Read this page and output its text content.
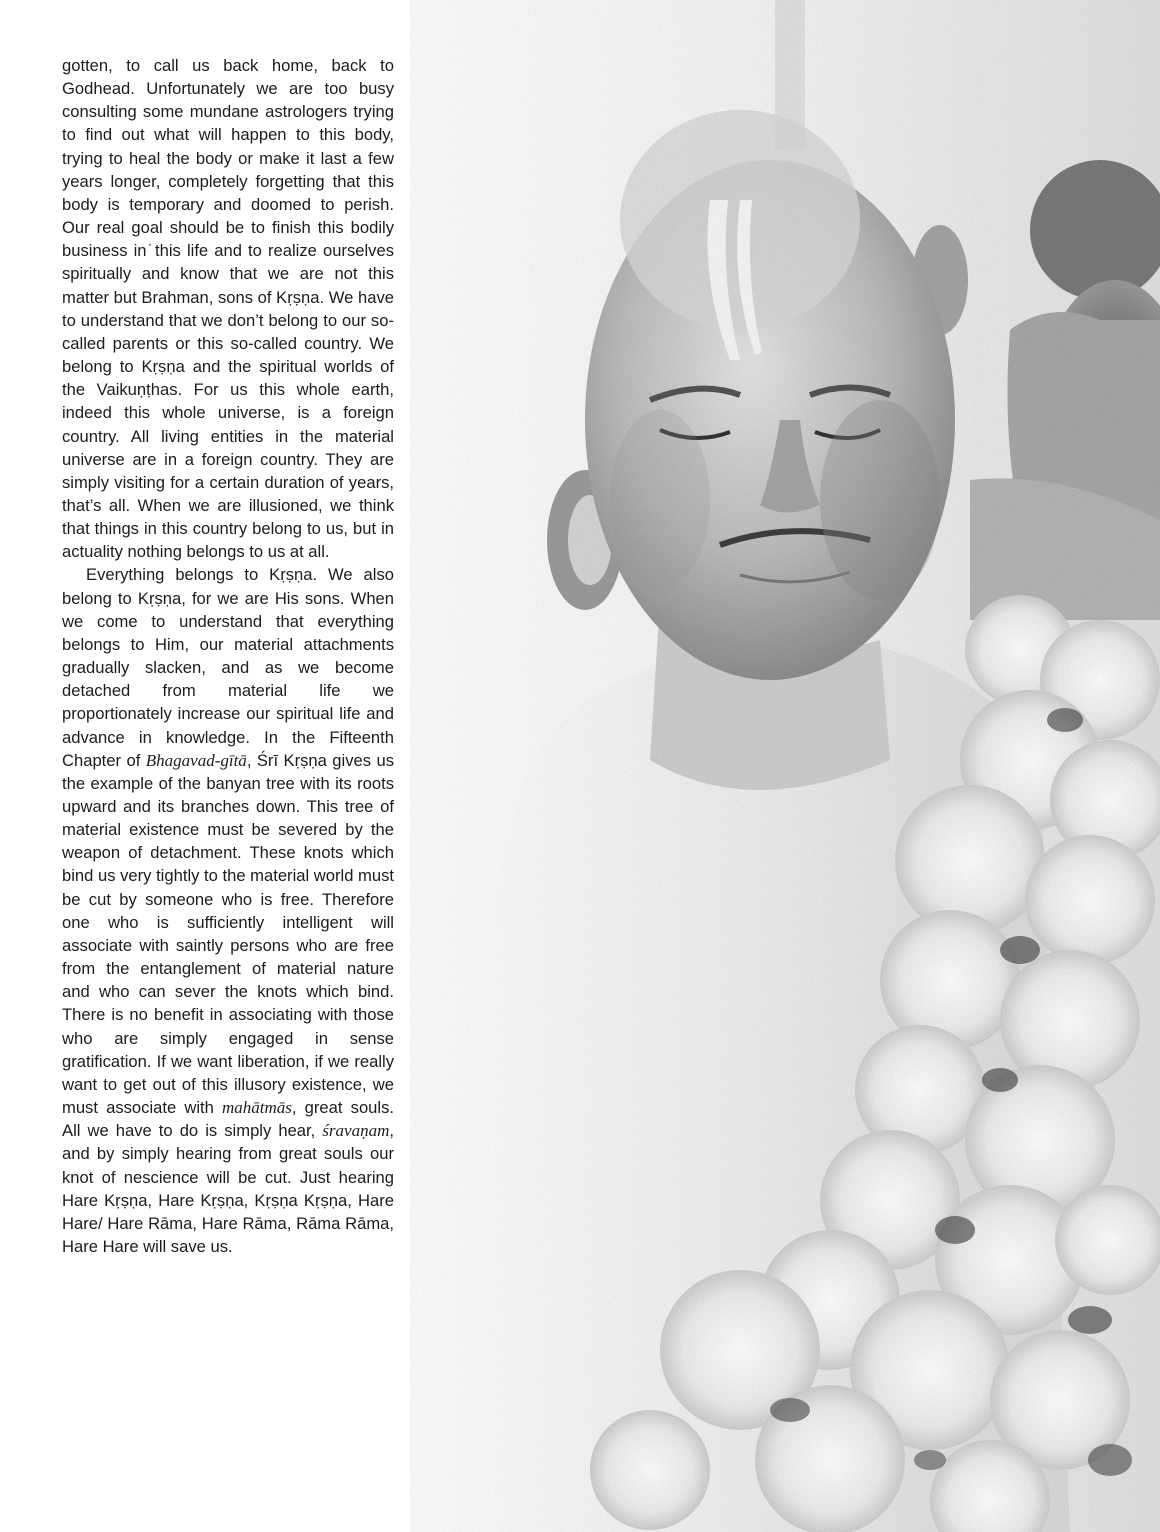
gotten, to call us back home, back to Godhead. Unfortunately we are too busy consulting some mundane astrologers trying to find out what will happen to this body, trying to heal the body or make it last a few years longer, completely forgetting that this body is temporary and doomed to perish. Our real goal should be to finish this bodily business in˙this life and to realize ourselves spiritually and know that we are not this matter but Brahman, sons of Kṛṣṇa. We have to understand that we don’t belong to our so-called parents or this so-called country. We belong to Kṛṣṇa and the spiritual worlds of the Vaikuṇṭhas. For us this whole earth, indeed this whole universe, is a foreign country. All living entities in the material universe are in a foreign country. They are simply visiting for a certain duration of years, that’s all. When we are illusioned, we think that things in this country belong to us, but in actuality nothing belongs to us at all.

Everything belongs to Kṛṣṇa. We also belong to Kṛṣṇa, for we are His sons. When we come to understand that everything belongs to Him, our material attachments gradually slacken, and as we become detached from material life we proportionately increase our spiritual life and advance in knowledge. In the Fifteenth Chapter of Bhagavad-gītā, Śrī Kṛṣṇa gives us the example of the banyan tree with its roots upward and its branches down. This tree of material existence must be severed by the weapon of detachment. These knots which bind us very tightly to the material world must be cut by someone who is free. Therefore one who is sufficiently intelligent will associate with saintly persons who are free from the entanglement of material nature and who can sever the knots which bind. There is no benefit in associating with those who are simply engaged in sense gratification. If we want liberation, if we really want to get out of this illusory existence, we must associate with mahātmās, great souls. All we have to do is simply hear, śravaṇam, and by simply hearing from great souls our knot of nescience will be cut. Just hearing Hare Kṛṣṇa, Hare Kṛṣṇa, Kṛṣṇa Kṛṣṇa, Hare Hare/ Hare Rāma, Hare Rāma, Rāma Rāma, Hare Hare will save us.
